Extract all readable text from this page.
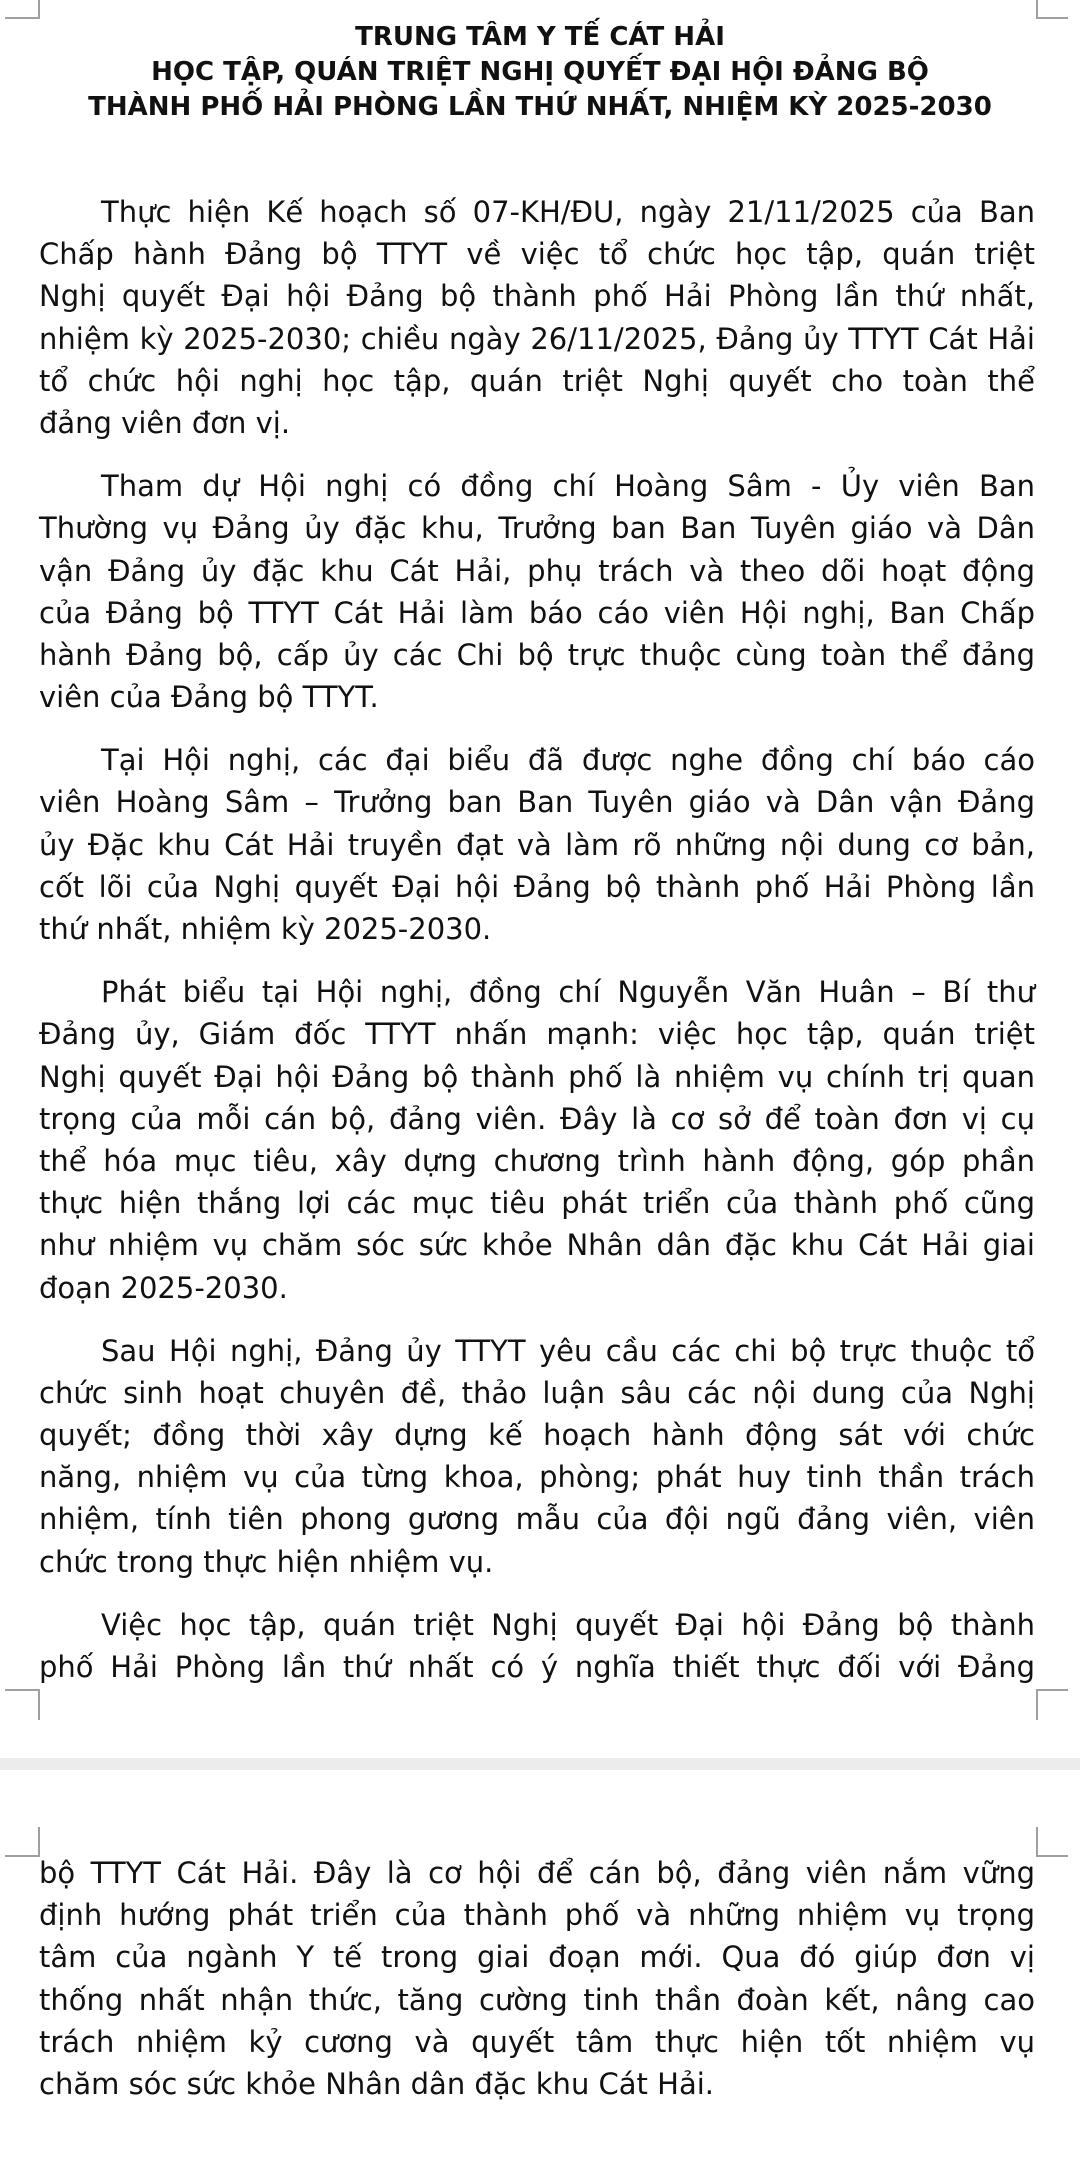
TRUNG TÂM Y TẾ CÁT HẢI
HỌC TẬP, QUÁN TRIỆT NGHỊ QUYẾT ĐẠI HỘI ĐẢNG BỘ
THÀNH PHỐ HẢI PHÒNG LẦN THỨ NHẤT, NHIỆM KỲ 2025-2030
Thực hiện Kế hoạch số 07-KH/ĐU, ngày 21/11/2025 của Ban
Chấp hành Đảng bộ TTYT về việc tổ chức học tập, quán triệt
Nghị quyết Đại hội Đảng bộ thành phố Hải Phòng lần thứ nhất,
nhiệm kỳ 2025-2030; chiều ngày 26/11/2025, Đảng ủy TTYT Cát Hải
tổ chức hội nghị học tập, quán triệt Nghị quyết cho toàn thể
đảng viên đơn vị.
Tham dự Hội nghị có đồng chí Hoàng Sâm - Ủy viên Ban
Thường vụ Đảng ủy đặc khu, Trưởng ban Ban Tuyên giáo và Dân
vận Đảng ủy đặc khu Cát Hải, phụ trách và theo dõi hoạt động
của Đảng bộ TTYT Cát Hải làm báo cáo viên Hội nghị, Ban Chấp
hành Đảng bộ, cấp ủy các Chi bộ trực thuộc cùng toàn thể đảng
viên của Đảng bộ TTYT.
Tại Hội nghị, các đại biểu đã được nghe đồng chí báo cáo
viên Hoàng Sâm – Trưởng ban Ban Tuyên giáo và Dân vận Đảng
ủy Đặc khu Cát Hải truyền đạt và làm rõ những nội dung cơ bản,
cốt lõi của Nghị quyết Đại hội Đảng bộ thành phố Hải Phòng lần
thứ nhất, nhiệm kỳ 2025-2030.
Phát biểu tại Hội nghị, đồng chí Nguyễn Văn Huân – Bí thư
Đảng ủy, Giám đốc TTYT nhấn mạnh: việc học tập, quán triệt
Nghị quyết Đại hội Đảng bộ thành phố là nhiệm vụ chính trị quan
trọng của mỗi cán bộ, đảng viên. Đây là cơ sở để toàn đơn vị cụ
thể hóa mục tiêu, xây dựng chương trình hành động, góp phần
thực hiện thắng lợi các mục tiêu phát triển của thành phố cũng
như nhiệm vụ chăm sóc sức khỏe Nhân dân đặc khu Cát Hải giai
đoạn 2025-2030.
Sau Hội nghị, Đảng ủy TTYT yêu cầu các chi bộ trực thuộc tổ
chức sinh hoạt chuyên đề, thảo luận sâu các nội dung của Nghị
quyết; đồng thời xây dựng kế hoạch hành động sát với chức
năng, nhiệm vụ của từng khoa, phòng; phát huy tinh thần trách
nhiệm, tính tiên phong gương mẫu của đội ngũ đảng viên, viên
chức trong thực hiện nhiệm vụ.
Việc học tập, quán triệt Nghị quyết Đại hội Đảng bộ thành
phố Hải Phòng lần thứ nhất có ý nghĩa thiết thực đối với Đảng
bộ TTYT Cát Hải. Đây là cơ hội để cán bộ, đảng viên nắm vững
định hướng phát triển của thành phố và những nhiệm vụ trọng
tâm của ngành Y tế trong giai đoạn mới. Qua đó giúp đơn vị
thống nhất nhận thức, tăng cường tinh thần đoàn kết, nâng cao
trách nhiệm kỷ cương và quyết tâm thực hiện tốt nhiệm vụ
chăm sóc sức khỏe Nhân dân đặc khu Cát Hải.
